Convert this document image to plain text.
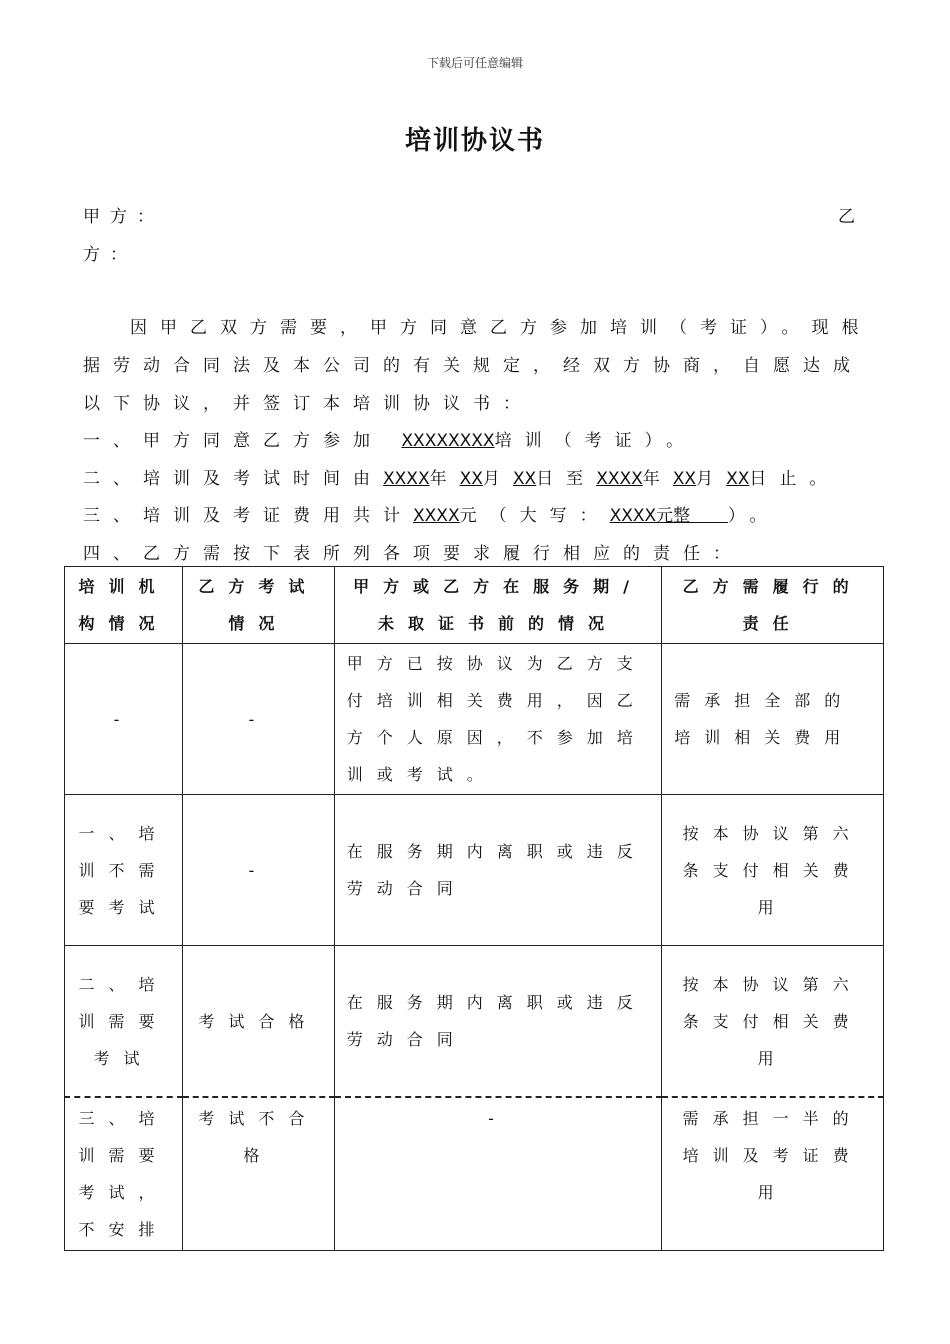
下载后可任意编辑
培训协议书
甲方：	乙
方：
因甲乙双方需要，甲方同意乙方参加培训（考证）。现根
据劳动合同法及本公司的有关规定，经双方协商，自愿达成
以下协议，并签订本培训协议书：
一、甲方同意乙方参加 XXXXXXXX培训（考证）。
二、培训及考试时间由XXXX年XX月XX日至XXXX年XX月XX日止。
三、培训及考证费用共计XXXX元（大写：XXXX元整 ）。
四、乙方需按下表所列各项要求履行相应的责任：
培训机构情况	乙方考试情况	甲方或乙方在服务期/未取证书前的情况	乙方需履行的责任
-	-	甲方已按协议为乙方支付培训相关费用，因乙方个人原因，不参加培训或考试。	需承担全部的培训相关费用
一、培训不需要考试	-	在服务期内离职或违反劳动合同	按本协议第六条支付相关费用
二、培训需要考试	考试合格	在服务期内离职或违反劳动合同	按本协议第六条支付相关费用
三、培训需要考试，不安排	考试不合格	-	需承担一半的培训及考证费用
